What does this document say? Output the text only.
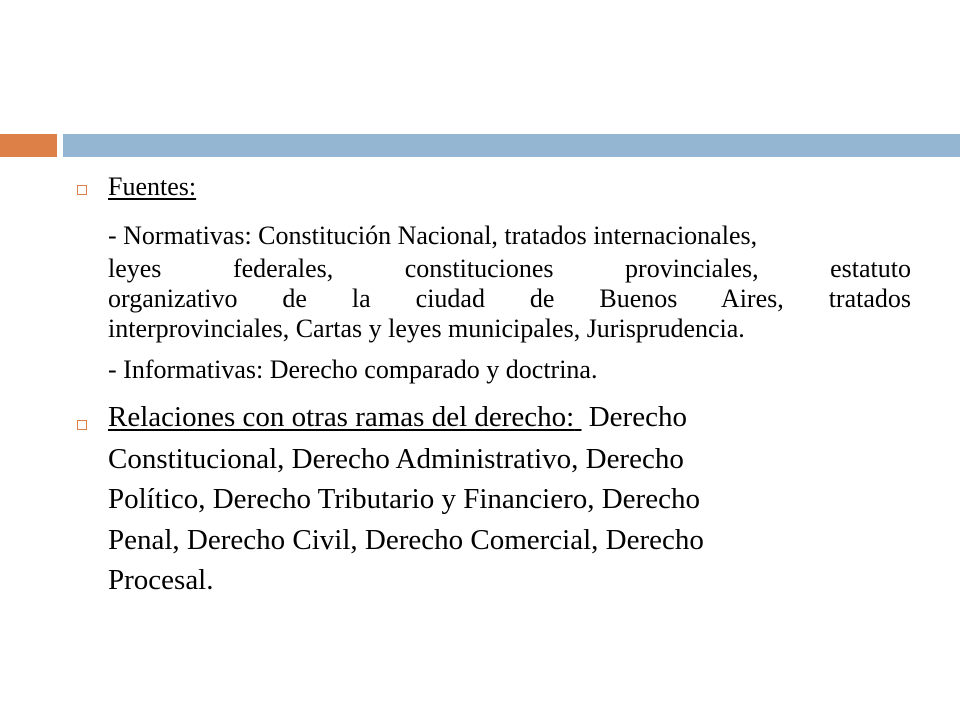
Fuentes:
- Normativas: Constitución Nacional, tratados internacionales,
leyes federales, constituciones provinciales, estatuto
organizativo de la ciudad de Buenos Aires, tratados
interprovinciales, Cartas y leyes municipales, Jurisprudencia.
- Informativas: Derecho comparado y doctrina.
Relaciones con otras ramas del derecho: Derecho
Constitucional, Derecho Administrativo, Derecho
Político, Derecho Tributario y Financiero, Derecho
Penal, Derecho Civil, Derecho Comercial, Derecho
Procesal.
